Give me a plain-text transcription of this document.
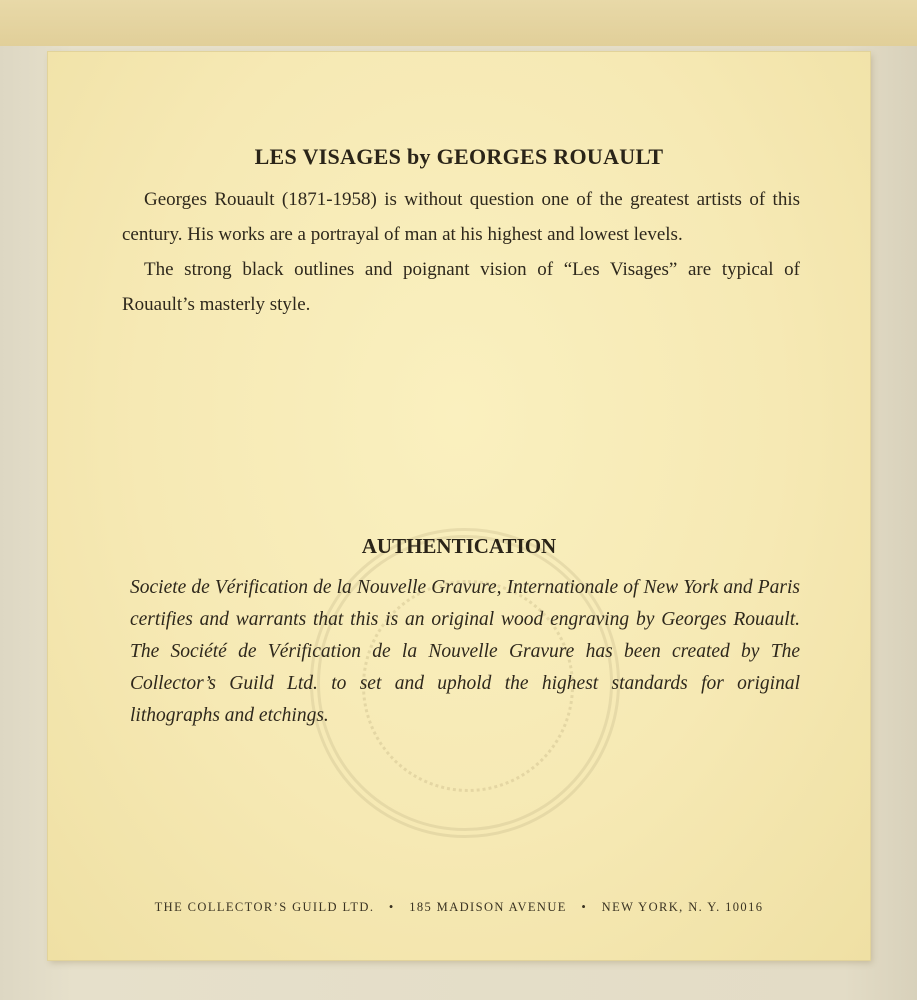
LES VISAGES by GEORGES ROUAULT

Georges Rouault (1871-1958) is without question one of the greatest artists of this century. His works are a portrayal of man at his highest and lowest levels.

The strong black outlines and poignant vision of “Les Visages” are typical of Rouault’s masterly style.

AUTHENTICATION

Societe de Vérification de la Nouvelle Gravure, Internationale of New York and Paris certifies and warrants that this is an original wood engraving by Georges Rouault. The Société de Vérification de la Nouvelle Gravure has been created by The Collector’s Guild Ltd. to set and uphold the highest standards for original lithographs and etchings.

THE COLLECTOR’S GUILD LTD. • 185 MADISON AVENUE • NEW YORK, N. Y. 10016
